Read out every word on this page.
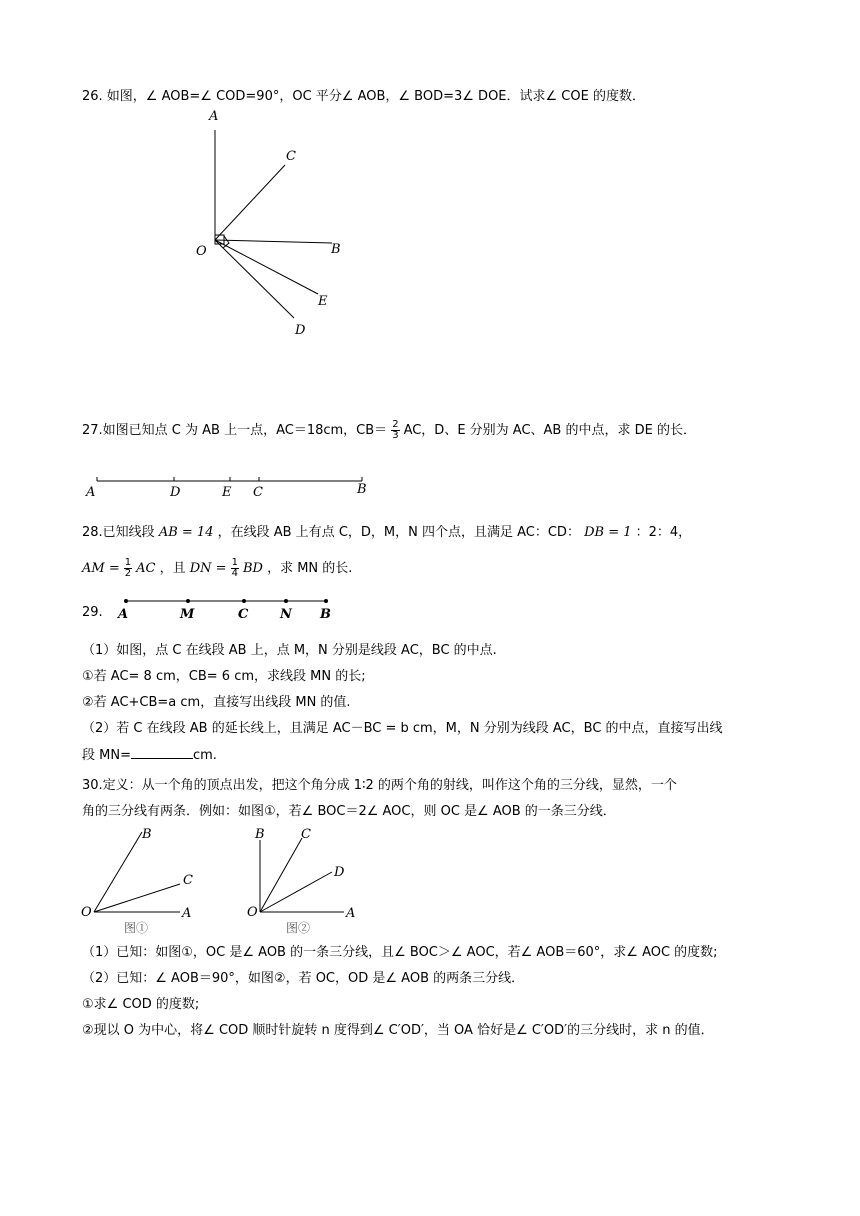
26. 如图，∠ AOB=∠ COD=90°，OC 平分∠ AOB，∠ BOD=3∠ DOE．试求∠ COE 的度数．
A
C
O	B
E
D
27.如图已知点 C 为 AB 上一点，AC＝18cm，$CB= \frac{2}{3}$ AC，D、E 分别为 AC、AB 的中点，求 DE 的长．
A	D	E C	B
28.已知线段 AB = 14 ，在线段 AB 上有点 C，D，M，N 四个点，且满足 AC：CD： DB = 1 ：2：4，
AM = $\frac{1}{2}$ AC ，且 DN = $\frac{1}{4}$ BD ，求 MN 的长.
29. A	M	C N B
（1）如图，点 C 在线段 AB 上，点 M，N 分别是线段 AC，BC 的中点.
①若 AC= 8 cm，CB= 6 cm，求线段 MN 的长;
②若 AC+CB=a cm，直接写出线段 MN 的值.
（2）若 C 在线段 AB 的延长线上，且满足 AC－BC = b cm，M，N 分别为线段 AC，BC 的中点，直接写出线
段 MN=	cm.
30.定义：从一个角的顶点出发，把这个角分成 1∶2 的两个角的射线，叫作这个角的三分线，显然，一个
角的三分线有两条．例如：如图①，若∠ BOC＝2∠ AOC，则 OC 是∠ AOB 的一条三分线．
B
C
O	A
图①
B	C
D
O	A
图②
（1）已知：如图①，OC 是∠ AOB 的一条三分线，且∠ BOC＞∠ AOC，若∠ AOB＝60°，求∠ AOC 的度数;
（2）已知：∠ AOB＝90°，如图②，若 OC，OD 是∠ AOB 的两条三分线．
①求∠ COD 的度数;
②现以 O 为中心，将∠ COD 顺时针旋转 n 度得到∠ C′OD′，当 OA 恰好是∠ C′OD′的三分线时，求 n 的值．
